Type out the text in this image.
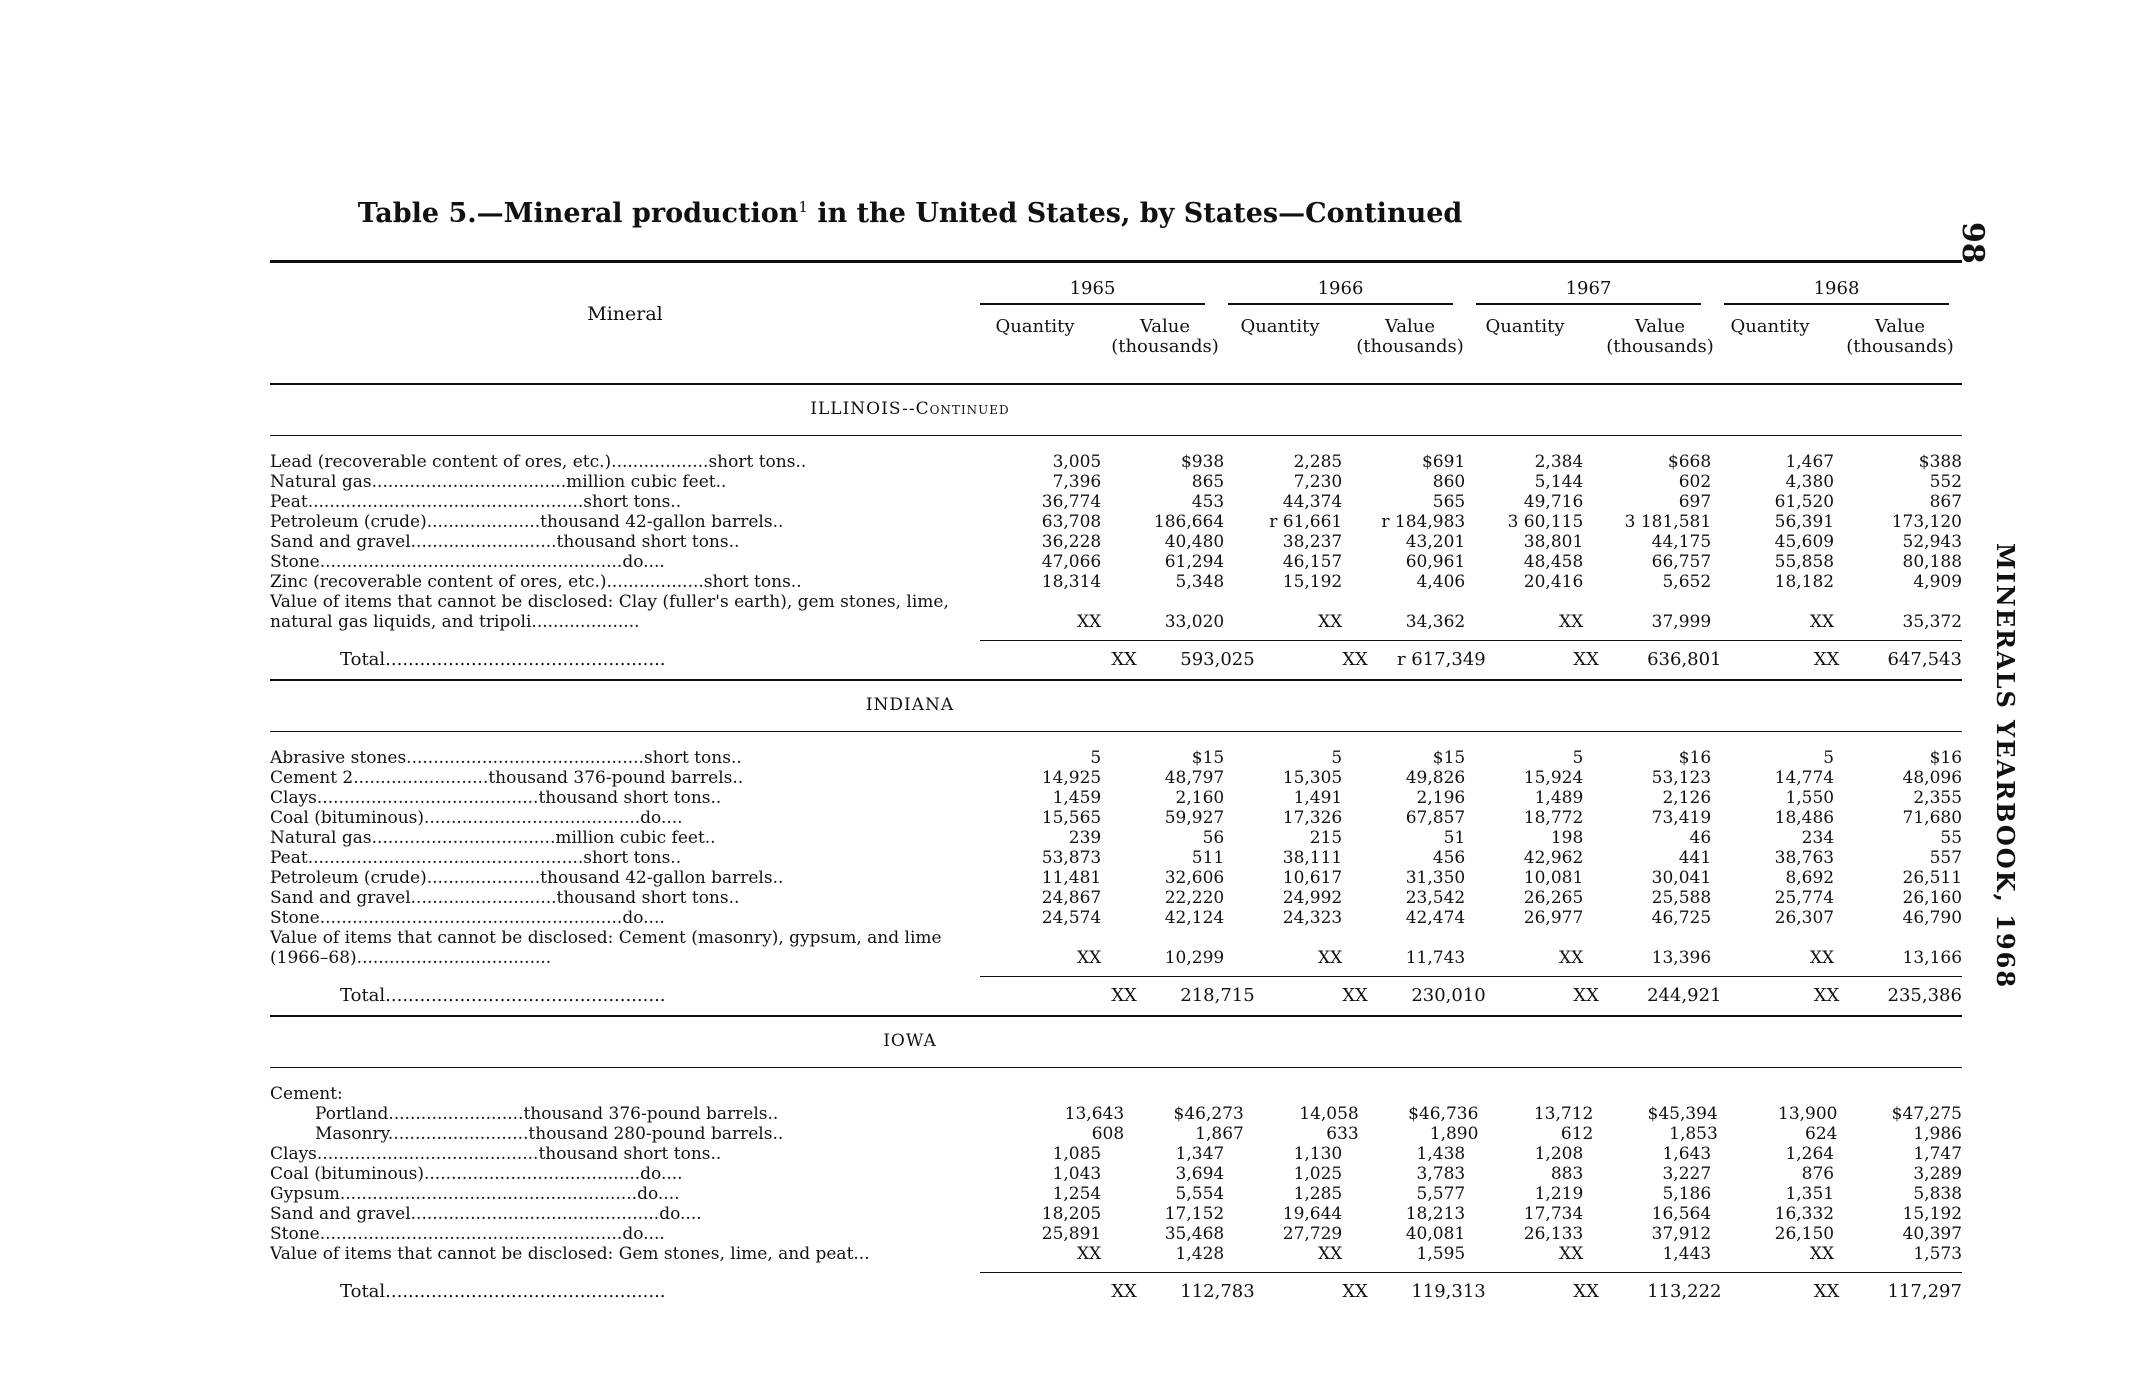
Table 5.—Mineral production$^1$ in the United States, by States—Continued
98
MINERALS YEARBOOK, 1968
Mineral
1965	1966	1967	1968
Quantity	Value
(thousands)
Quantity	Value
(thousands)
Quantity	Value
(thousands)
Quantity	Value
(thousands)
ILLINOIS--Continued
Lead (recoverable content of ores, etc.)..................short tons..	3,005	$938	2,285	$691	2,384	$668	1,467	$388
Natural gas....................................million cubic feet..	7,396	865	7,230	860	5,144	602	4,380	552
Peat...................................................short tons..	36,774	453	44,374	565	49,716	697	61,520	867
Petroleum (crude).....................thousand 42-gallon barrels..	63,708	186,664	r 61,661	r 184,983	3 60,115	3 181,581	56,391	173,120
Sand and gravel...........................thousand short tons..	36,228	40,480	38,237	43,201	38,801	44,175	45,609	52,943
Stone........................................................do....	47,066	61,294	46,157	60,961	48,458	66,757	55,858	80,188
Zinc (recoverable content of ores, etc.)..................short tons..	18,314	5,348	15,192	4,406	20,416	5,652	18,182	4,909
Value of items that cannot be disclosed: Clay (fuller's earth), gem stones, lime, natural gas liquids, and tripoli....................	XX	33,020	XX	34,362	XX	37,999	XX	35,372
Total.................................................	XX	593,025	XX	r 617,349	XX	636,801	XX	647,543
INDIANA
Abrasive stones............................................short tons..	5	$15	5	$15	5	$16	5	$16
Cement 2.........................thousand 376-pound barrels..	14,925	48,797	15,305	49,826	15,924	53,123	14,774	48,096
Clays.........................................thousand short tons..	1,459	2,160	1,491	2,196	1,489	2,126	1,550	2,355
Coal (bituminous)........................................do....	15,565	59,927	17,326	67,857	18,772	73,419	18,486	71,680
Natural gas..................................million cubic feet..	239	56	215	51	198	46	234	55
Peat...................................................short tons..	53,873	511	38,111	456	42,962	441	38,763	557
Petroleum (crude).....................thousand 42-gallon barrels..	11,481	32,606	10,617	31,350	10,081	30,041	8,692	26,511
Sand and gravel...........................thousand short tons..	24,867	22,220	24,992	23,542	26,265	25,588	25,774	26,160
Stone........................................................do....	24,574	42,124	24,323	42,474	26,977	46,725	26,307	46,790
Value of items that cannot be disclosed: Cement (masonry), gypsum, and lime (1966–68)....................................	XX	10,299	XX	11,743	XX	13,396	XX	13,166
Total.................................................	XX	218,715	XX	230,010	XX	244,921	XX	235,386
IOWA
Cement:
Portland.........................thousand 376-pound barrels..	13,643	$46,273	14,058	$46,736	13,712	$45,394	13,900	$47,275
Masonry..........................thousand 280-pound barrels..	608	1,867	633	1,890	612	1,853	624	1,986
Clays.........................................thousand short tons..	1,085	1,347	1,130	1,438	1,208	1,643	1,264	1,747
Coal (bituminous)........................................do....	1,043	3,694	1,025	3,783	883	3,227	876	3,289
Gypsum.......................................................do....	1,254	5,554	1,285	5,577	1,219	5,186	1,351	5,838
Sand and gravel..............................................do....	18,205	17,152	19,644	18,213	17,734	16,564	16,332	15,192
Stone........................................................do....	25,891	35,468	27,729	40,081	26,133	37,912	26,150	40,397
Value of items that cannot be disclosed: Gem stones, lime, and peat...	XX	1,428	XX	1,595	XX	1,443	XX	1,573
Total.................................................	XX	112,783	XX	119,313	XX	113,222	XX	117,297
